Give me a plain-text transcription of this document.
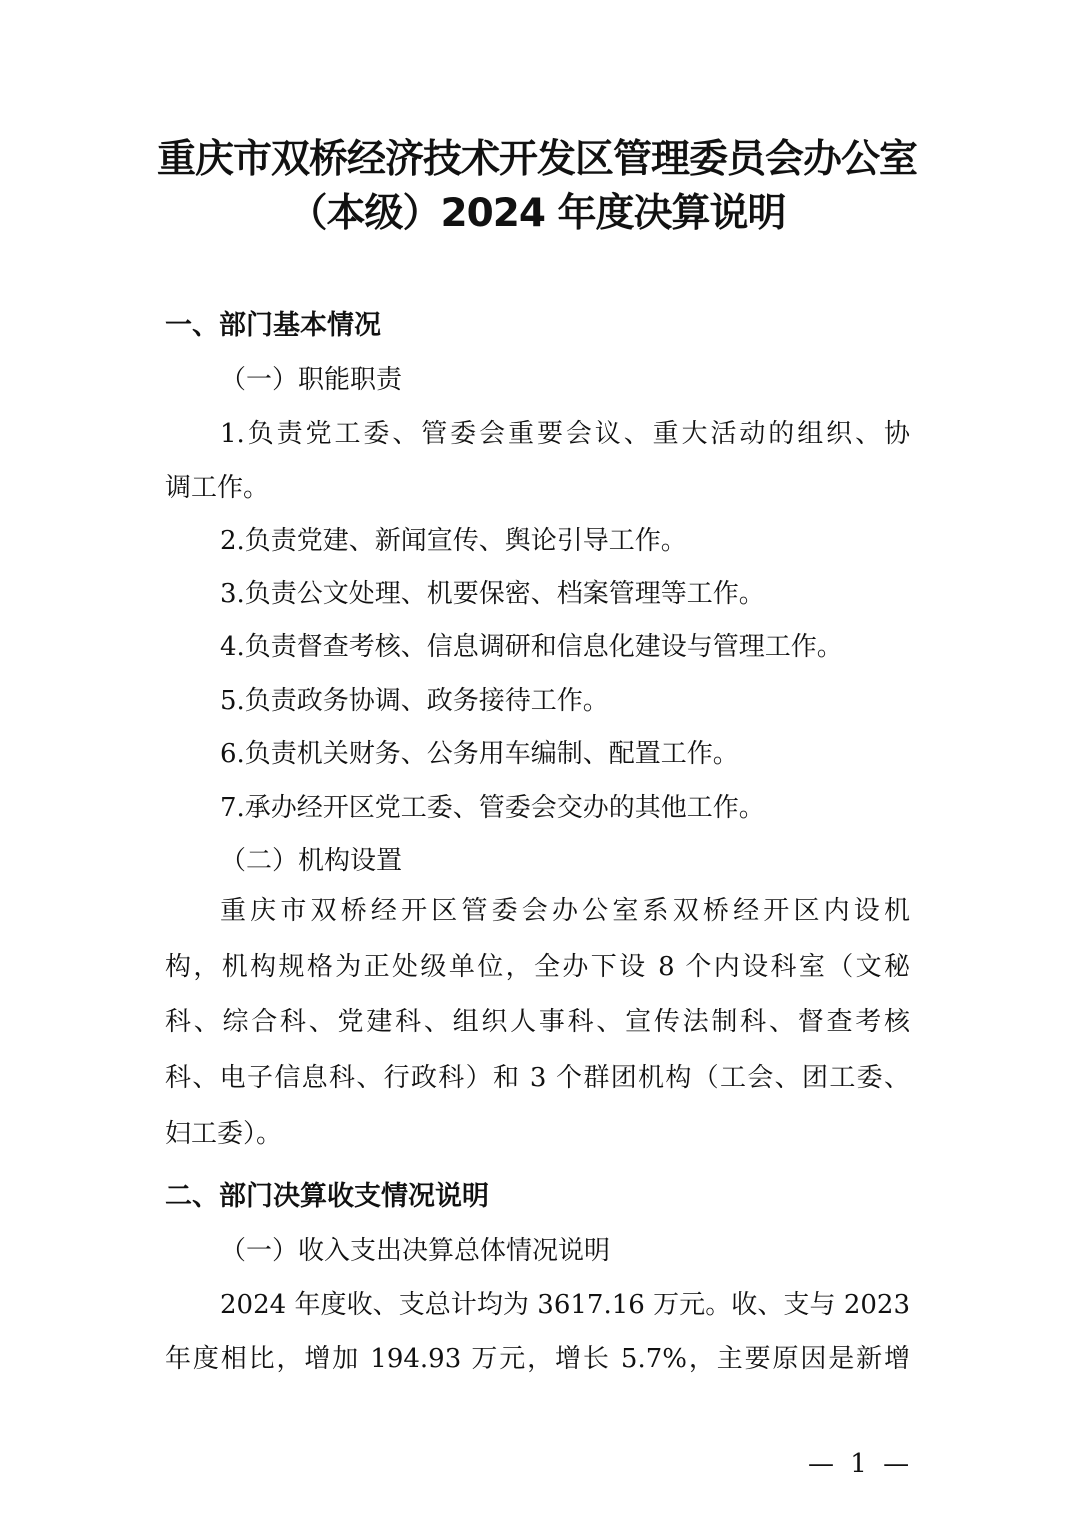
重庆市双桥经济技术开发区管理委员会办公室
（本级）2024 年度决算说明
一、部门基本情况
（一）职能职责
1.负责党工委、管委会重要会议、重大活动的组织、协
调工作。
2.负责党建、新闻宣传、舆论引导工作。
3.负责公文处理、机要保密、档案管理等工作。
4.负责督查考核、信息调研和信息化建设与管理工作。
5.负责政务协调、政务接待工作。
6.负责机关财务、公务用车编制、配置工作。
7.承办经开区党工委、管委会交办的其他工作。
（二）机构设置
重庆市双桥经开区管委会办公室系双桥经开区内设机
构，机构规格为正处级单位，全办下设 8 个内设科室（文秘
科、综合科、党建科、组织人事科、宣传法制科、督查考核
科、电子信息科、行政科）和 3 个群团机构（工会、团工委、
妇工委）。
二、部门决算收支情况说明
（一）收入支出决算总体情况说明
2024 年度收、支总计均为 3617.16 万元。收、支与 2023
年度相比，增加 194.93 万元，增长 5.7%，主要原因是新增
— 1 —
